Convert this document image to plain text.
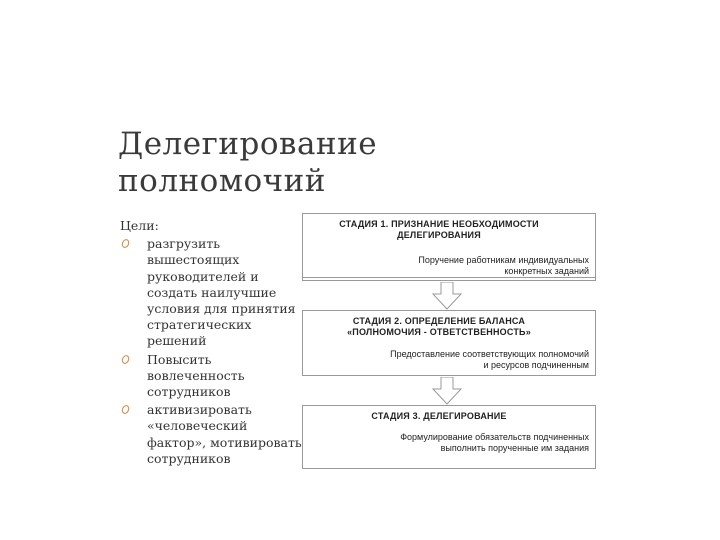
Делегирование
полномочий
Цели:
разгрузить вышестоящих руководителей и создать наилучшие условия для принятия стратегических решений
Повысить вовлеченность сотрудников
активизировать «человеческий фактор», мотивировать сотрудников
СТАДИЯ 1. ПРИЗНАНИЕ НЕОБХОДИМОСТИ
ДЕЛЕГИРОВАНИЯ
Поручение работникам индивидуальных
конкретных заданий
СТАДИЯ 2. ОПРЕДЕЛЕНИЕ БАЛАНСА
«ПОЛНОМОЧИЯ - ОТВЕТСТВЕННОСТЬ»
Предоставление соответствующих полномочий
и ресурсов подчиненным
СТАДИЯ 3. ДЕЛЕГИРОВАНИЕ
Формулирование обязательств подчиненных
выполнить порученные им задания
